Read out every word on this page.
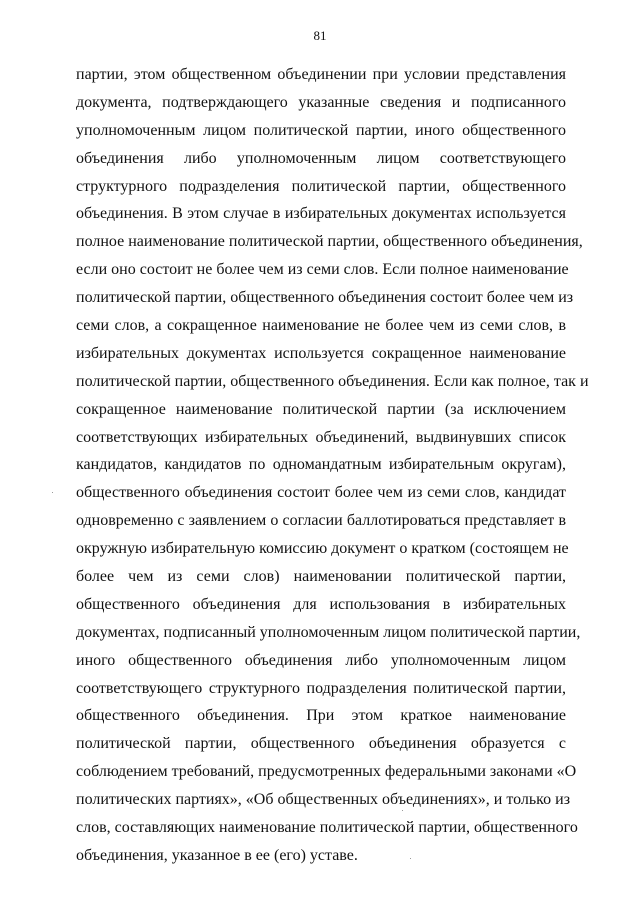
81
партии, этом общественном объединении при условии представления
документа, подтверждающего указанные сведения и подписанного
уполномоченным лицом политической партии, иного общественного
объединения либо уполномоченным лицом соответствующего
структурного подразделения политической партии, общественного
объединения. В этом случае в избирательных документах используется
полное наименование политической партии, общественного объединения,
если оно состоит не более чем из семи слов. Если полное наименование
политической партии, общественного объединения состоит более чем из
семи слов, а сокращенное наименование не более чем из семи слов, в
избирательных документах используется сокращенное наименование
политической партии, общественного объединения. Если как полное, так и
сокращенное наименование политической партии (за исключением
соответствующих избирательных объединений, выдвинувших список
кандидатов, кандидатов по одномандатным избирательным округам),
общественного объединения состоит более чем из семи слов, кандидат
одновременно с заявлением о согласии баллотироваться представляет в
окружную избирательную комиссию документ о кратком (состоящем не
более чем из семи слов) наименовании политической партии,
общественного объединения для использования в избирательных
документах, подписанный уполномоченным лицом политической партии,
иного общественного объединения либо уполномоченным лицом
соответствующего структурного подразделения политической партии,
общественного объединения. При этом краткое наименование
политической партии, общественного объединения образуется с
соблюдением требований, предусмотренных федеральными законами «О
политических партиях», «Об общественных объединениях», и только из
слов, составляющих наименование политической партии, общественного
объединения, указанное в ее (его) уставе.
